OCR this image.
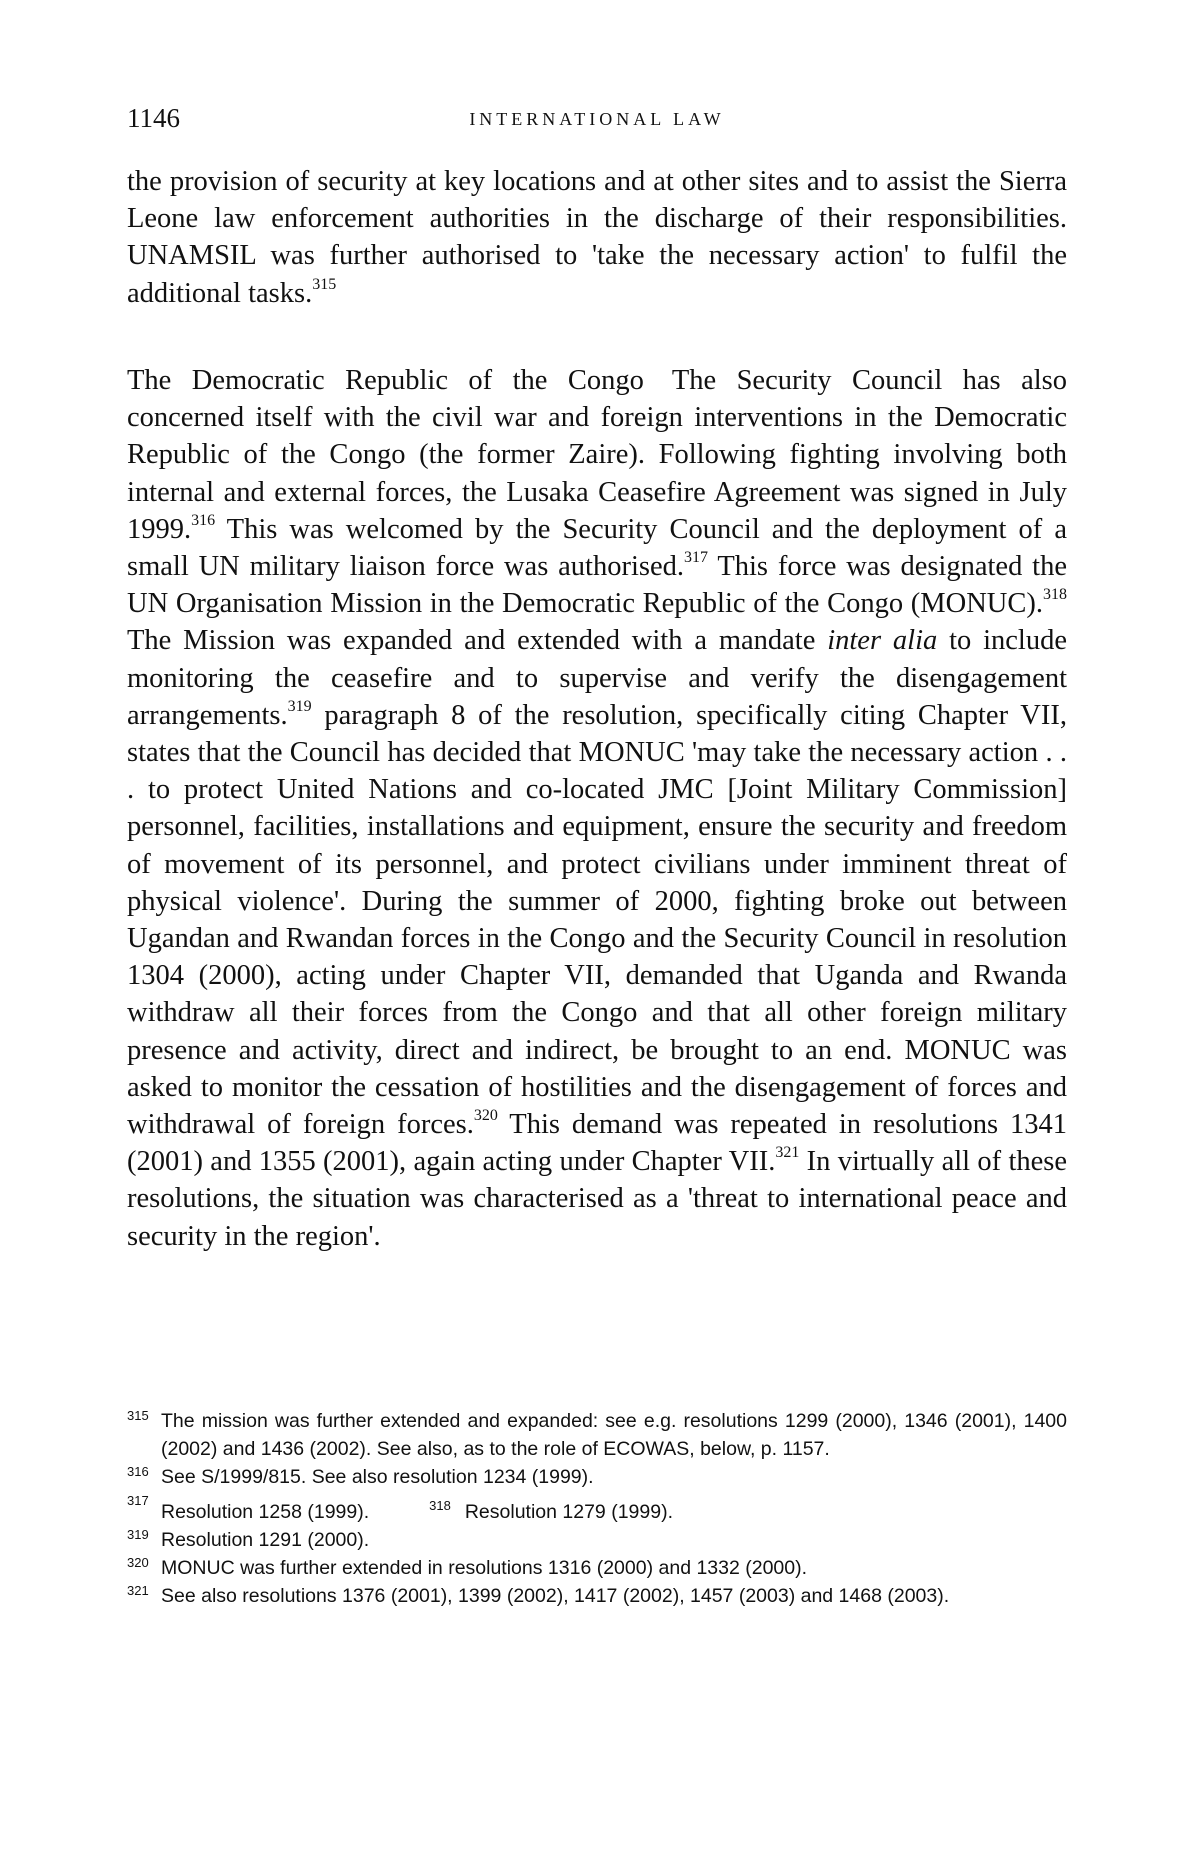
1146	INTERNATIONAL LAW

the provision of security at key locations and at other sites and to assist the Sierra Leone law enforcement authorities in the discharge of their responsibilities. UNAMSIL was further authorised to 'take the necessary action' to fulfil the additional tasks.$^{315}$

The Democratic Republic of the Congo The Security Council has also concerned itself with the civil war and foreign interventions in the Democratic Republic of the Congo (the former Zaire). Following fighting involving both internal and external forces, the Lusaka Ceasefire Agreement was signed in July 1999.$^{316}$ This was welcomed by the Security Council and the deployment of a small UN military liaison force was authorised.$^{317}$ This force was designated the UN Organisation Mission in the Democratic Republic of the Congo (MONUC).$^{318}$ The Mission was expanded and extended with a mandate inter alia to include monitoring the ceasefire and to supervise and verify the disengagement arrangements.$^{319}$ paragraph 8 of the resolution, specifically citing Chapter VII, states that the Council has decided that MONUC 'may take the necessary action . . . to protect United Nations and co-located JMC [Joint Military Commission] personnel, facilities, installations and equipment, ensure the security and freedom of movement of its personnel, and protect civilians under imminent threat of physical violence'. During the summer of 2000, fighting broke out between Ugandan and Rwandan forces in the Congo and the Security Council in resolution 1304 (2000), acting under Chapter VII, demanded that Uganda and Rwanda withdraw all their forces from the Congo and that all other foreign military presence and activity, direct and indirect, be brought to an end. MONUC was asked to monitor the cessation of hostilities and the disengagement of forces and withdrawal of foreign forces.$^{320}$ This demand was repeated in resolutions 1341 (2001) and 1355 (2001), again acting under Chapter VII.$^{321}$ In virtually all of these resolutions, the situation was characterised as a 'threat to international peace and security in the region'.

315 The mission was further extended and expanded: see e.g. resolutions 1299 (2000), 1346 (2001), 1400 (2002) and 1436 (2002). See also, as to the role of ECOWAS, below, p. 1157.
316 See S/1999/815. See also resolution 1234 (1999).
317
Resolution 1258 (1999).	$^{318}$ Resolution 1279 (1999).
319 Resolution 1291 (2000).
320 MONUC was further extended in resolutions 1316 (2000) and 1332 (2000).
321 See also resolutions 1376 (2001), 1399 (2002), 1417 (2002), 1457 (2003) and 1468 (2003).
